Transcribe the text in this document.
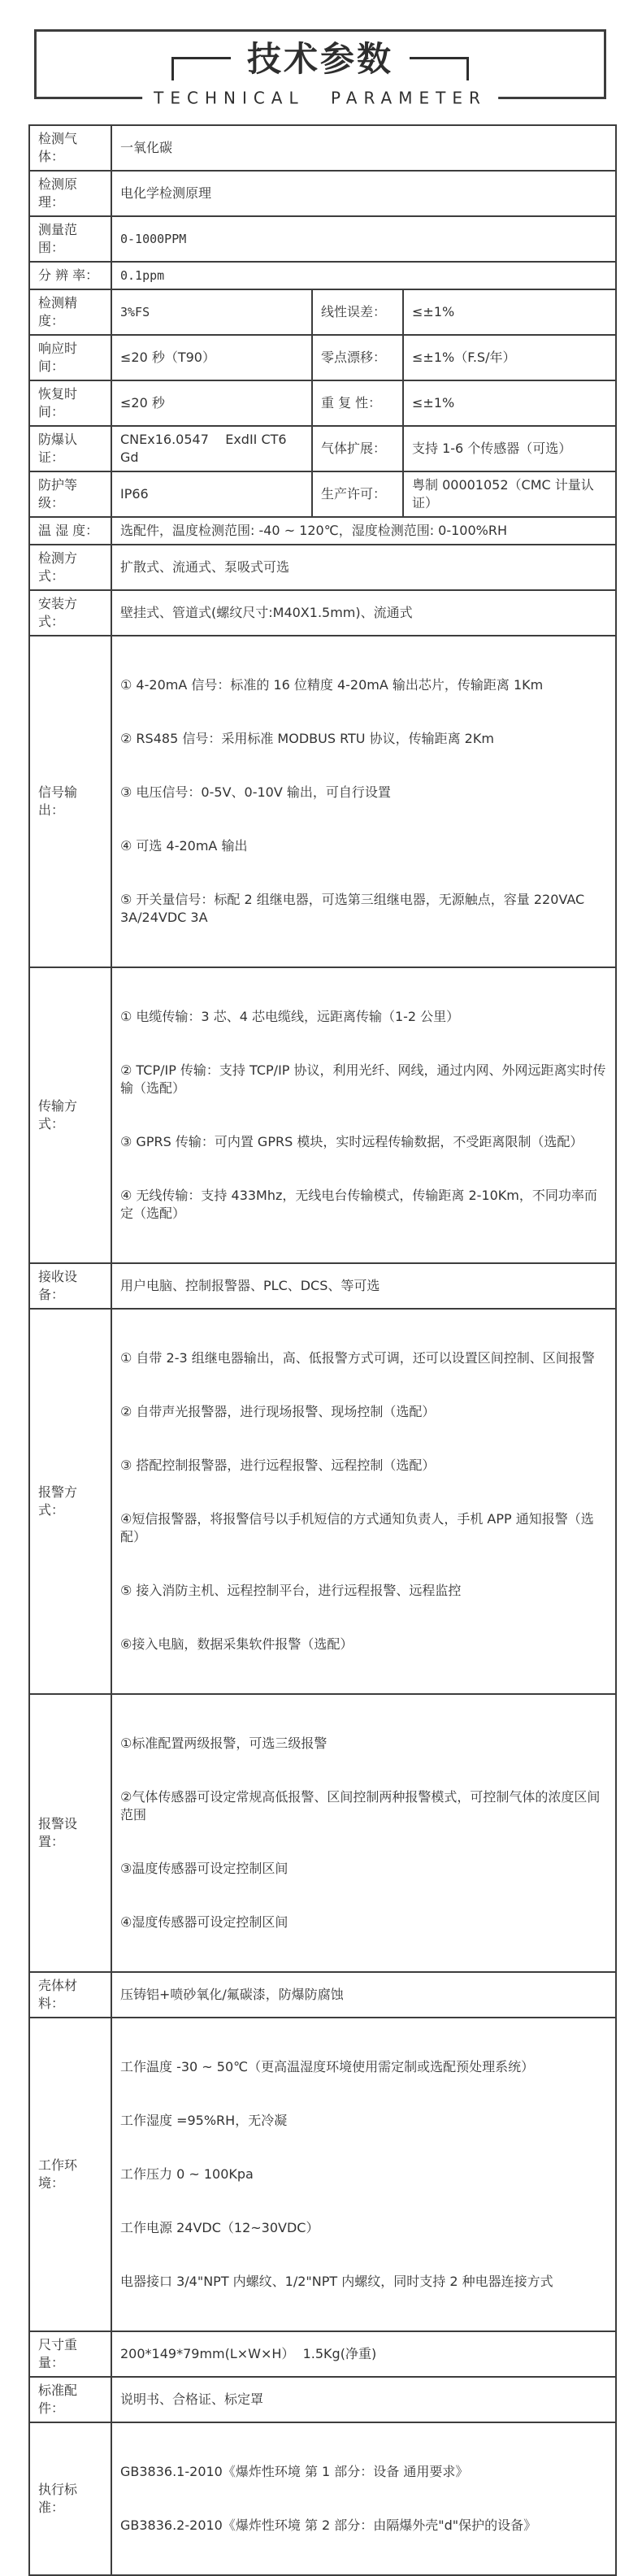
技术参数
TECHNICAL PARAMETER
检测气体：	一氧化碳		
检测原理：	电化学检测原理		
测量范围：	0-1000PPM		
分 辨 率：	0.1ppm		
检测精度：	3%FS	线性误差：	≤±1%
响应时间：	≤20 秒（T90）	零点漂移：	≤±1%（F.S/年）
恢复时间：	≤20 秒	重 复 性：	≤±1%
防爆认证：	CNEx16.0547    ExdII CT6 Gd	气体扩展：	支持 1-6 个传感器（可选）
防护等级：	IP66	生产许可：	粤制 00001052（CMC 计量认证）
温 湿 度：	选配件，温度检测范围: -40 ~ 120℃，湿度检测范围: 0-100%RH		
检测方式：	扩散式、流通式、泵吸式可选		
安装方式：	壁挂式、管道式(螺纹尺寸:M40X1.5mm)、流通式		
信号输出：	① 4-20mA 信号：标准的 16 位精度 4-20mA 输出芯片，传输距离 1Km

② RS485 信号：采用标准 MODBUS RTU 协议，传输距离 2Km

③ 电压信号：0-5V、0-10V 输出，可自行设置

④ 可选 4-20mA 输出

⑤ 开关量信号：标配 2 组继电器，可选第三组继电器，无源触点，容量 220VAC 3A/24VDC 3A		

传输方式：	① 电缆传输：3 芯、4 芯电缆线，远距离传输（1-2 公里）

② TCP/IP 传输：支持 TCP/IP 协议，利用光纤、网线，通过内网、外网远距离实时传输（选配）

③ GPRS 传输：可内置 GPRS 模块，实时远程传输数据，不受距离限制（选配）

④ 无线传输：支持 433Mhz，无线电台传输模式，传输距离 2-10Km，不同功率而定（选配）		

接收设备：	用户电脑、控制报警器、PLC、DCS、等可选		
报警方式：	

① 自带 2-3 组继电器输出，高、低报警方式可调，还可以设置区间控制、区间报警

② 自带声光报警器，进行现场报警、现场控制（选配）

③ 搭配控制报警器，进行远程报警、远程控制（选配）

④短信报警器，将报警信号以手机短信的方式通知负责人，手机 APP 通知报警（选配）

⑤ 接入消防主机、远程控制平台，进行远程报警、远程监控

⑥接入电脑，数据采集软件报警（选配）

报警设置：	①标准配置两级报警，可选三级报警

②气体传感器可设定常规高低报警、区间控制两种报警模式，可控制气体的浓度区间范围

③温度传感器可设定控制区间

④湿度传感器可设定控制区间		

壳体材料：	压铸铝+喷砂氧化/氟碳漆，防爆防腐蚀		
工作环境：	工作温度 -30 ~ 50℃（更高温湿度环境使用需定制或选配预处理系统）

工作湿度 =95%RH，无冷凝

工作压力 0 ~ 100Kpa

工作电源 24VDC（12~30VDC）

电器接口 3/4"NPT 内螺纹、1/2"NPT 内螺纹，同时支持 2 种电器连接方式		

尺寸重量：	200*149*79mm(L×W×H）  1.5Kg(净重)		
标准配件：	说明书、合格证、标定罩		
执行标准：	GB3836.1-2010《爆炸性环境 第 1 部分：设备 通用要求》

GB3836.2-2010《爆炸性环境 第 2 部分：由隔爆外壳"d"保护的设备》		
